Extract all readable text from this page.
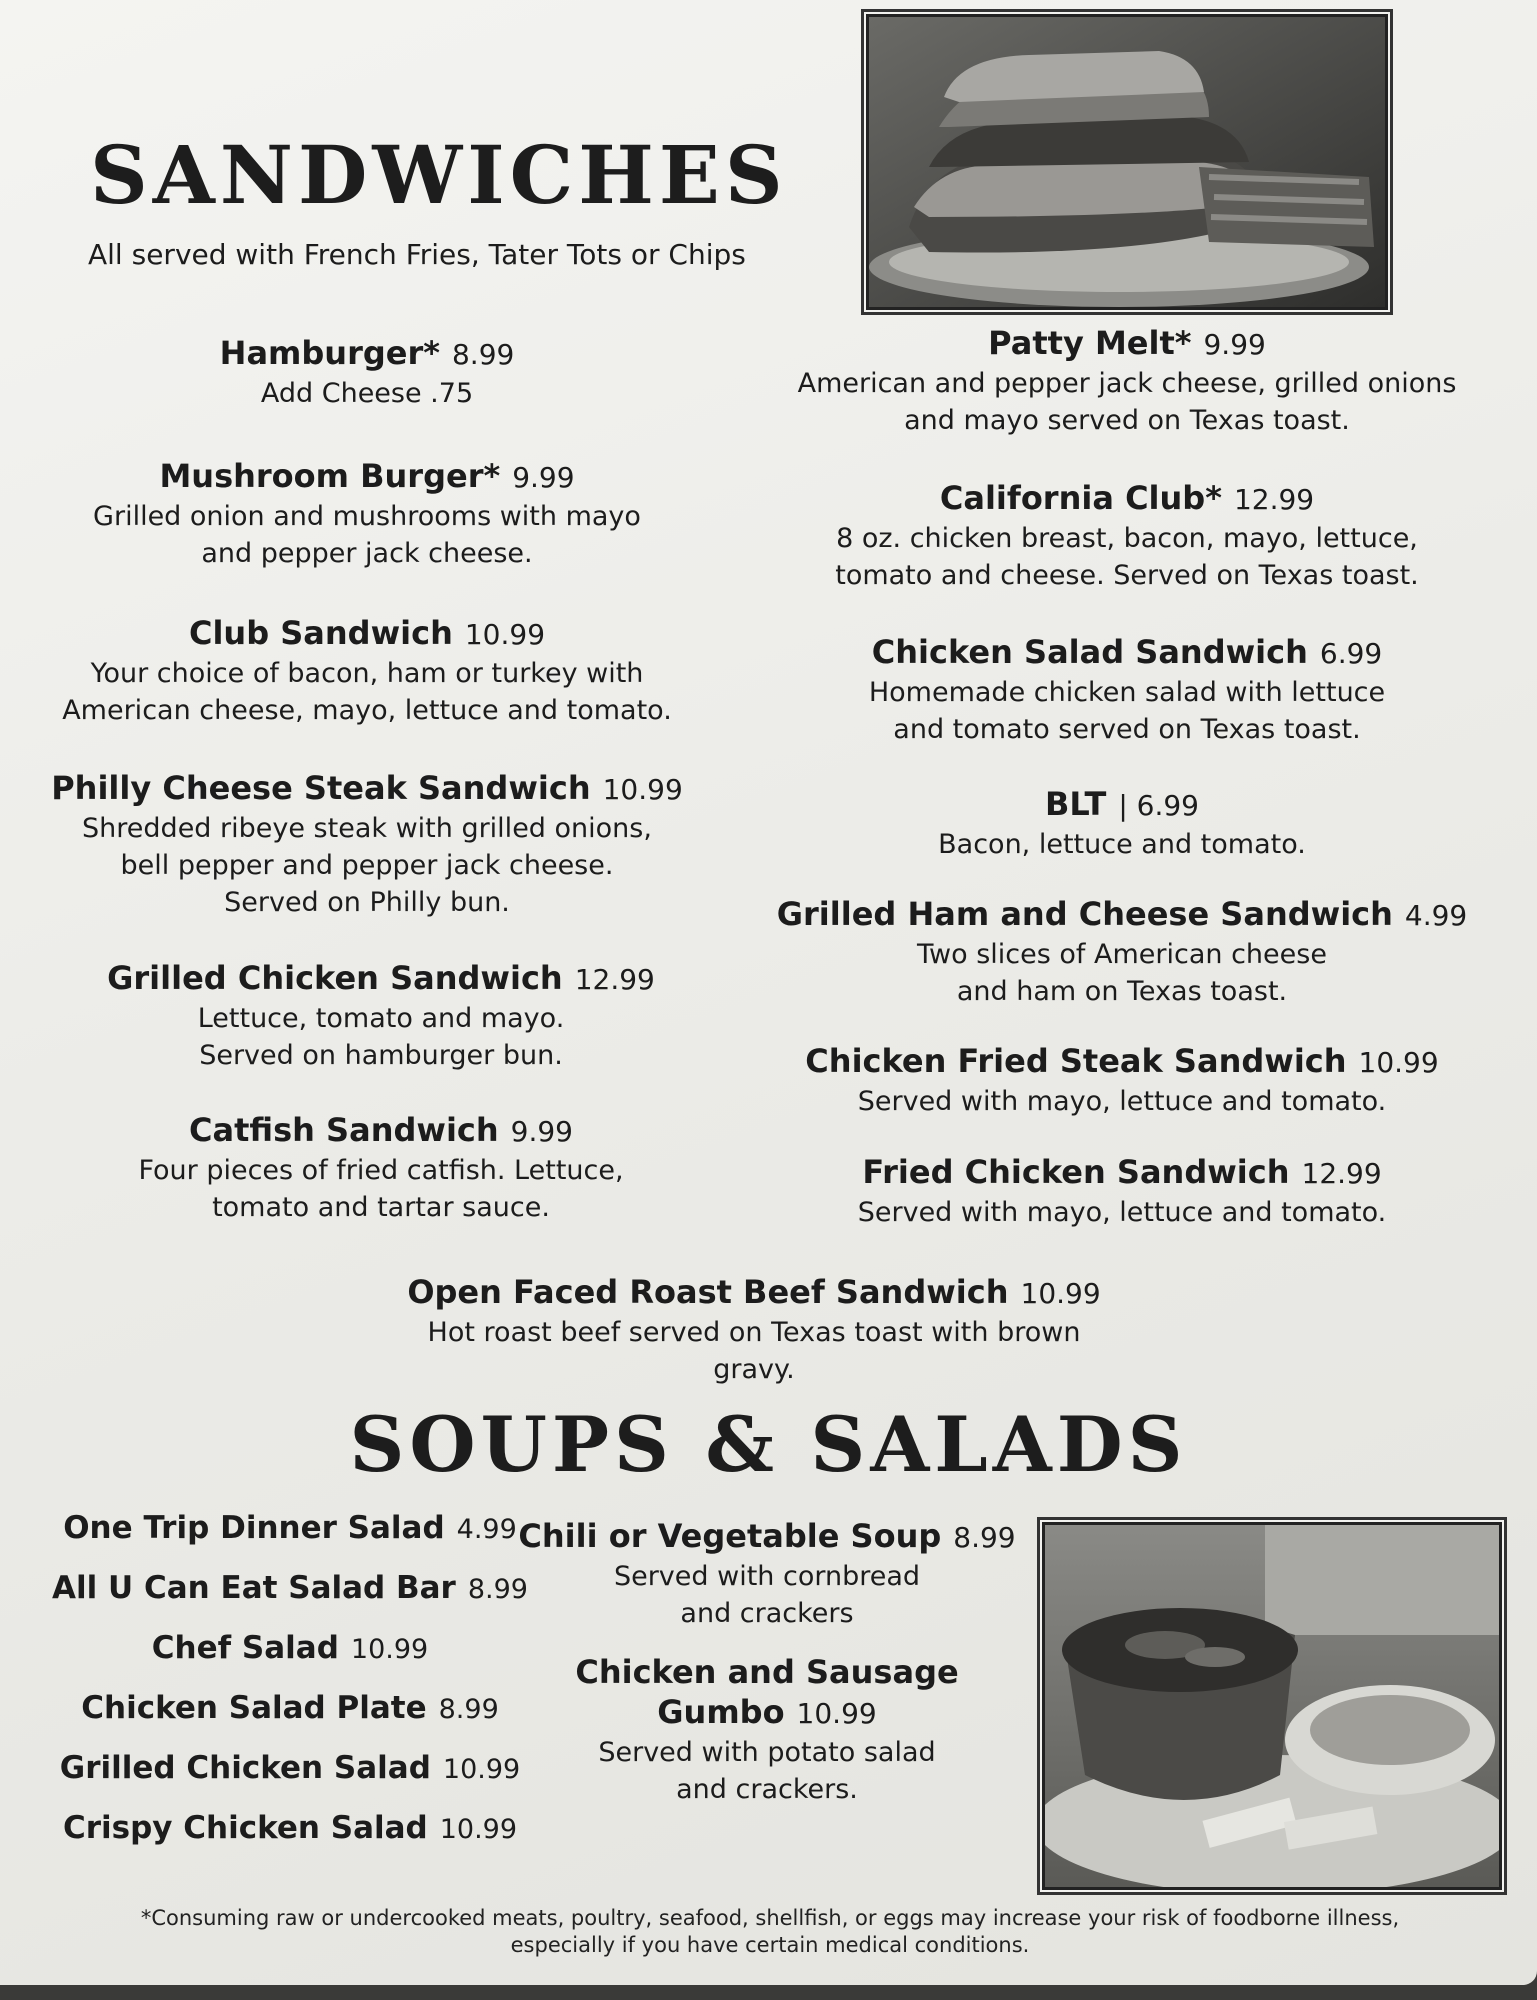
SANDWICHES
All served with French Fries, Tater Tots or Chips
Hamburger* 8.99
Add Cheese .75
Mushroom Burger* 9.99
Grilled onion and mushrooms with mayo
and pepper jack cheese.
Club Sandwich 10.99
Your choice of bacon, ham or turkey with
American cheese, mayo, lettuce and tomato.
Philly Cheese Steak Sandwich 10.99
Shredded ribeye steak with grilled onions,
bell pepper and pepper jack cheese.
Served on Philly bun.
Grilled Chicken Sandwich 12.99
Lettuce, tomato and mayo.
Served on hamburger bun.
Catfish Sandwich 9.99
Four pieces of fried catfish. Lettuce,
tomato and tartar sauce.
Patty Melt* 9.99
American and pepper jack cheese, grilled onions
and mayo served on Texas toast.
California Club* 12.99
8 oz. chicken breast, bacon, mayo, lettuce,
tomato and cheese. Served on Texas toast.
Chicken Salad Sandwich 6.99
Homemade chicken salad with lettuce
and tomato served on Texas toast.
BLT | 6.99
Bacon, lettuce and tomato.
Grilled Ham and Cheese Sandwich 4.99
Two slices of American cheese
and ham on Texas toast.
Chicken Fried Steak Sandwich 10.99
Served with mayo, lettuce and tomato.
Fried Chicken Sandwich 12.99
Served with mayo, lettuce and tomato.
Open Faced Roast Beef Sandwich 10.99
Hot roast beef served on Texas toast with brown gravy.
SOUPS & SALADS
One Trip Dinner Salad 4.99
All U Can Eat Salad Bar 8.99
Chef Salad 10.99
Chicken Salad Plate 8.99
Grilled Chicken Salad 10.99
Crispy Chicken Salad 10.99
Chili or Vegetable Soup 8.99
Served with cornbread
and crackers
Chicken and Sausage
Gumbo 10.99
Served with potato salad
and crackers.
*Consuming raw or undercooked meats, poultry, seafood, shellfish, or eggs may increase your risk of foodborne illness,
especially if you have certain medical conditions.
